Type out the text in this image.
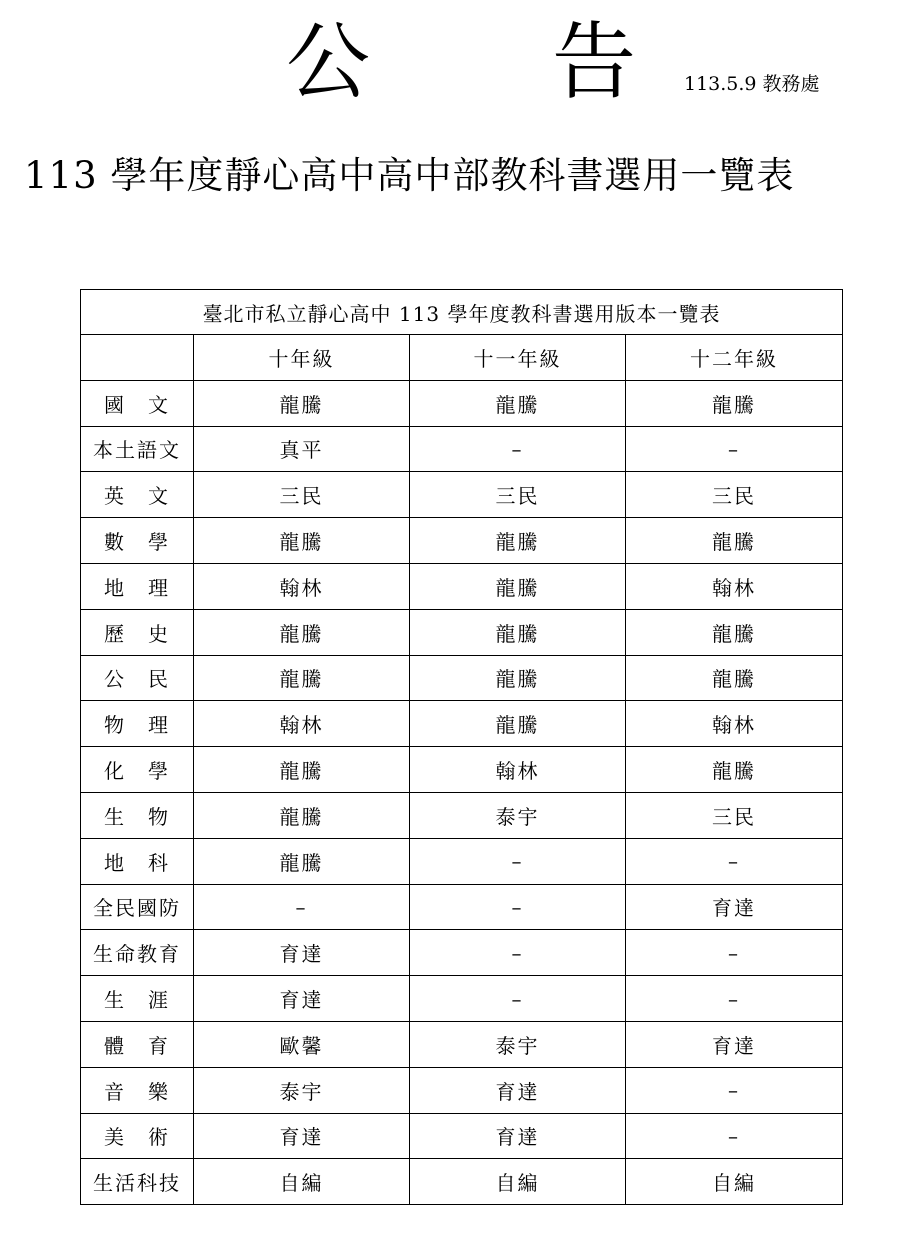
公 告	113.5.9 教務處
113 學年度靜心高中高中部教科書選用一覽表
臺北市私立靜心高中 113 學年度教科書選用版本一覽表			
	十年級	十一年級	十二年級
國　文	龍騰	龍騰	龍騰
本土語文	真平	–	–
英　文	三民	三民	三民
數　學	龍騰	龍騰	龍騰
地　理	翰林	龍騰	翰林
歷　史	龍騰	龍騰	龍騰
公　民	龍騰	龍騰	龍騰
物　理	翰林	龍騰	翰林
化　學	龍騰	翰林	龍騰
生　物	龍騰	泰宇	三民
地　科	龍騰	–	–
全民國防	–	–	育達
生命教育	育達	–	–
生　涯	育達	–	–
體　育	歐馨	泰宇	育達
音　樂	泰宇	育達	–
美　術	育達	育達	–
生活科技	自編	自編	自編
